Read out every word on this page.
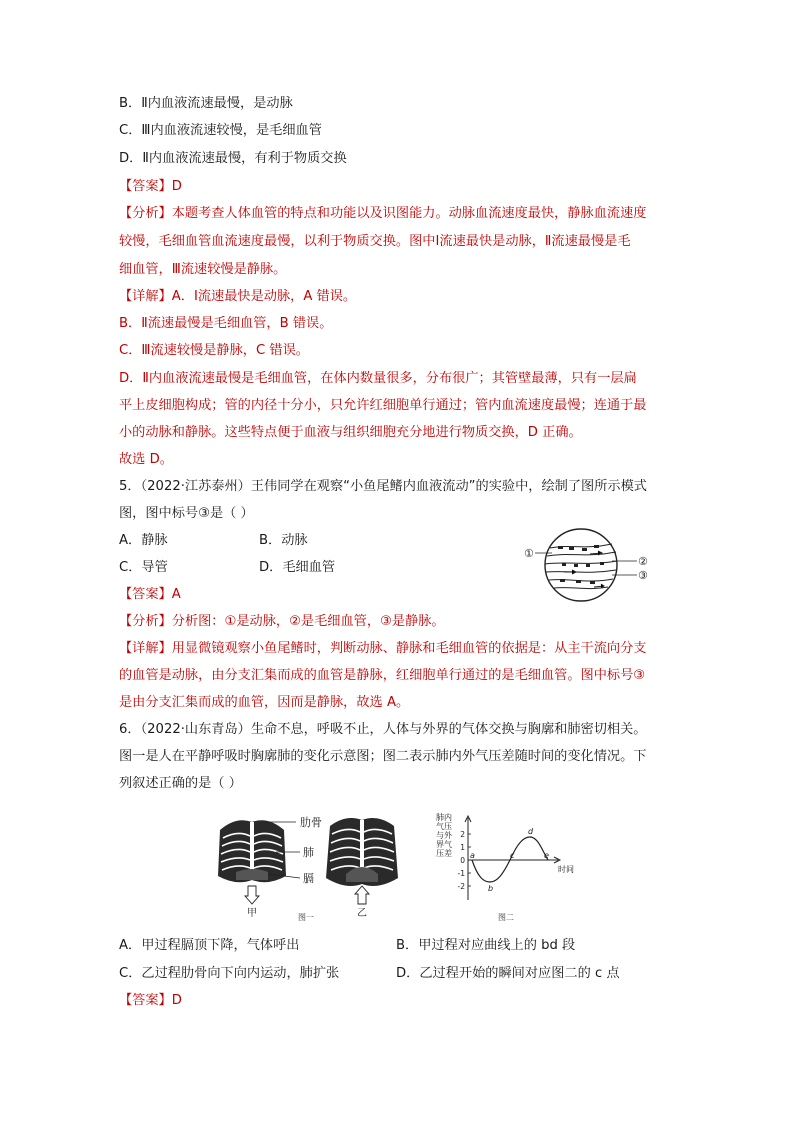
B．Ⅱ内血液流速最慢，是动脉
C．Ⅲ内血液流速较慢，是毛细血管
D．Ⅱ内血液流速最慢，有利于物质交换
【答案】D
【分析】本题考查人体血管的特点和功能以及识图能力。动脉血流速度最快，静脉血流速度
较慢，毛细血管血流速度最慢，以利于物质交换。图中Ⅰ流速最快是动脉，Ⅱ流速最慢是毛
细血管，Ⅲ流速较慢是静脉。
【详解】A．Ⅰ流速最快是动脉，A 错误。
B．Ⅱ流速最慢是毛细血管，B 错误。
C．Ⅲ流速较慢是静脉，C 错误。
D．Ⅱ内血液流速最慢是毛细血管，在体内数量很多，分布很广；其管壁最薄，只有一层扁
平上皮细胞构成；管的内径十分小，只允许红细胞单行通过；管内血流速度最慢；连通于最
小的动脉和静脉。这些特点便于血液与组织细胞充分地进行物质交换，D 正确。
故选 D。
5．（2022·江苏泰州）王伟同学在观察“小鱼尾鳍内血液流动”的实验中，绘制了图所示模式
图，图中标号③是（ ）
A．静脉	B．动脉
C．导管	D．毛细血管
【答案】A
【分析】分析图：①是动脉，②是毛细血管，③是静脉。
【详解】用显微镜观察小鱼尾鳍时，判断动脉、静脉和毛细血管的依据是：从主干流向分支
的血管是动脉，由分支汇集而成的血管是静脉，红细胞单行通过的是毛细血管。图中标号③
是由分支汇集而成的血管，因而是静脉，故选 A。
①
②
③
6．（2022·山东青岛）生命不息，呼吸不止，人体与外界的气体交换与胸廓和肺密切相关。
图一是人在平静呼吸时胸廓肺的变化示意图；图二表示肺内外气压差随时间的变化情况。下
列叙述正确的是（ ）
肋骨
肺
膈
甲	乙
图一
肺内
气压
与外
界气
压差
2
1
0
-1
-2
a
b
c
d
e
时间
图二
A．甲过程膈顶下降，气体呼出	B．甲过程对应曲线上的 bd 段
C．乙过程肋骨向下向内运动，肺扩张	D．乙过程开始的瞬间对应图二的 c 点
【答案】D
